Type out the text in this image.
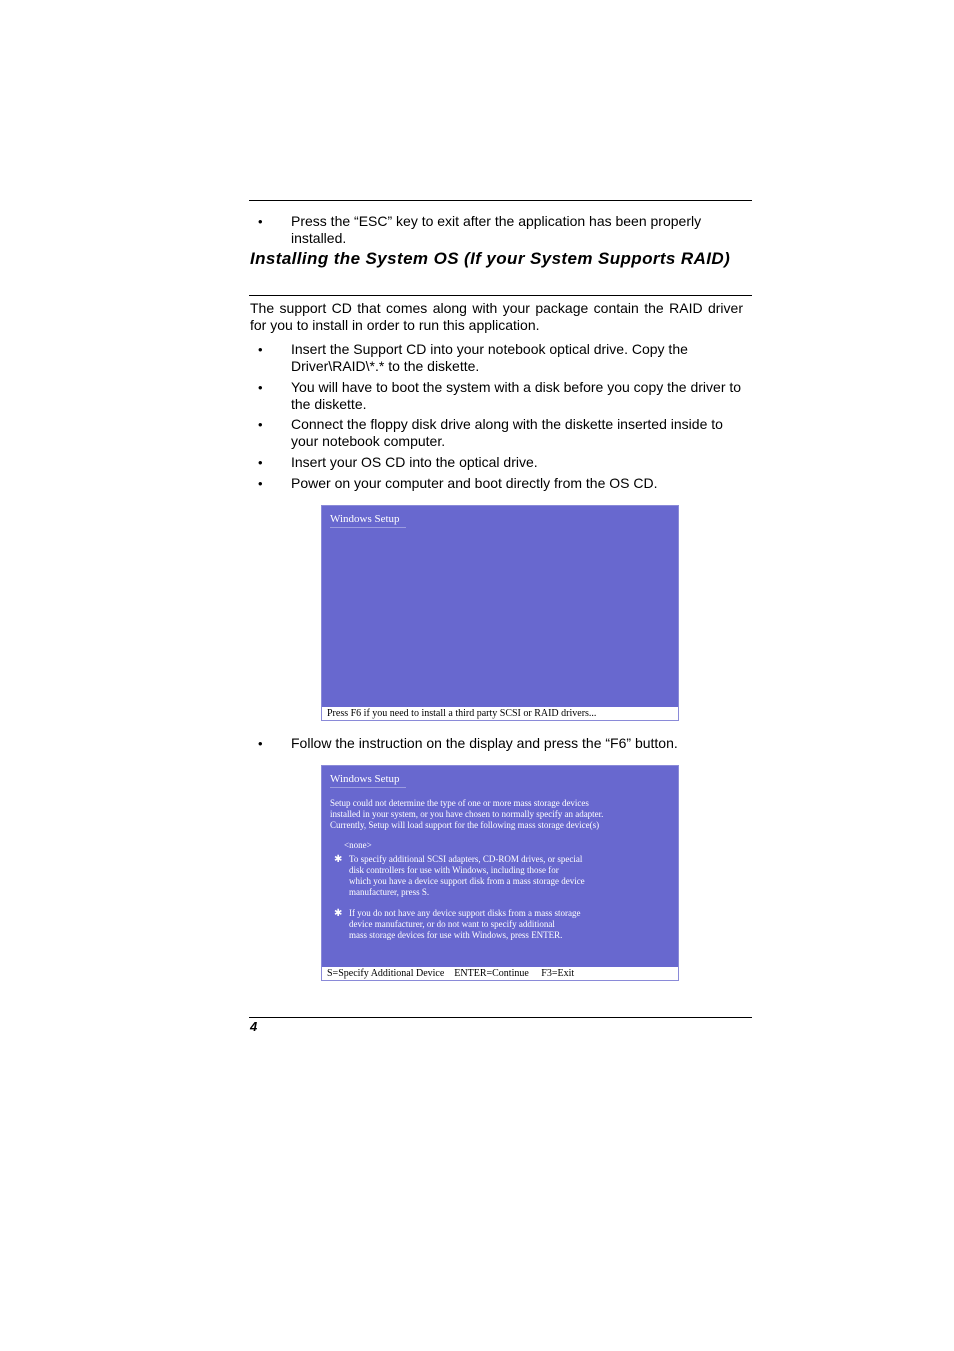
• Press the “ESC” key to exit after the application has been properly installed.
Installing the System OS (If your System Supports RAID)
The support CD that comes along with your package contain the RAID driver for you to install in order to run this application.
• Insert the Support CD into your notebook optical drive. Copy the Driver\RAID\*.* to the diskette.
• You will have to boot the system with a disk before you copy the driver to the diskette.
• Connect the floppy disk drive along with the diskette inserted inside to your notebook computer.
• Insert your OS CD into the optical drive.
• Power on your computer and boot directly from the OS CD.
Windows Setup
Press F6 if you need to install a third party SCSI or RAID drivers...
• Follow the instruction on the display and press the “F6” button.
Windows Setup
Setup could not determine the type of one or more mass storage devices
installed in your system, or you have chosen to normally specify an adapter.
Currently, Setup will load support for the following mass storage device(s)
<none>
✱ To specify additional SCSI adapters, CD-ROM drives, or special
disk controllers for use with Windows, including those for
which you have a device support disk from a mass storage device
manufacturer, press S.
✱ If you do not have any device support disks from a mass storage
device manufacturer, or do not want to specify additional
mass storage devices for use with Windows, press ENTER.
S=Specify Additional Device    ENTER=Continue     F3=Exit
4
